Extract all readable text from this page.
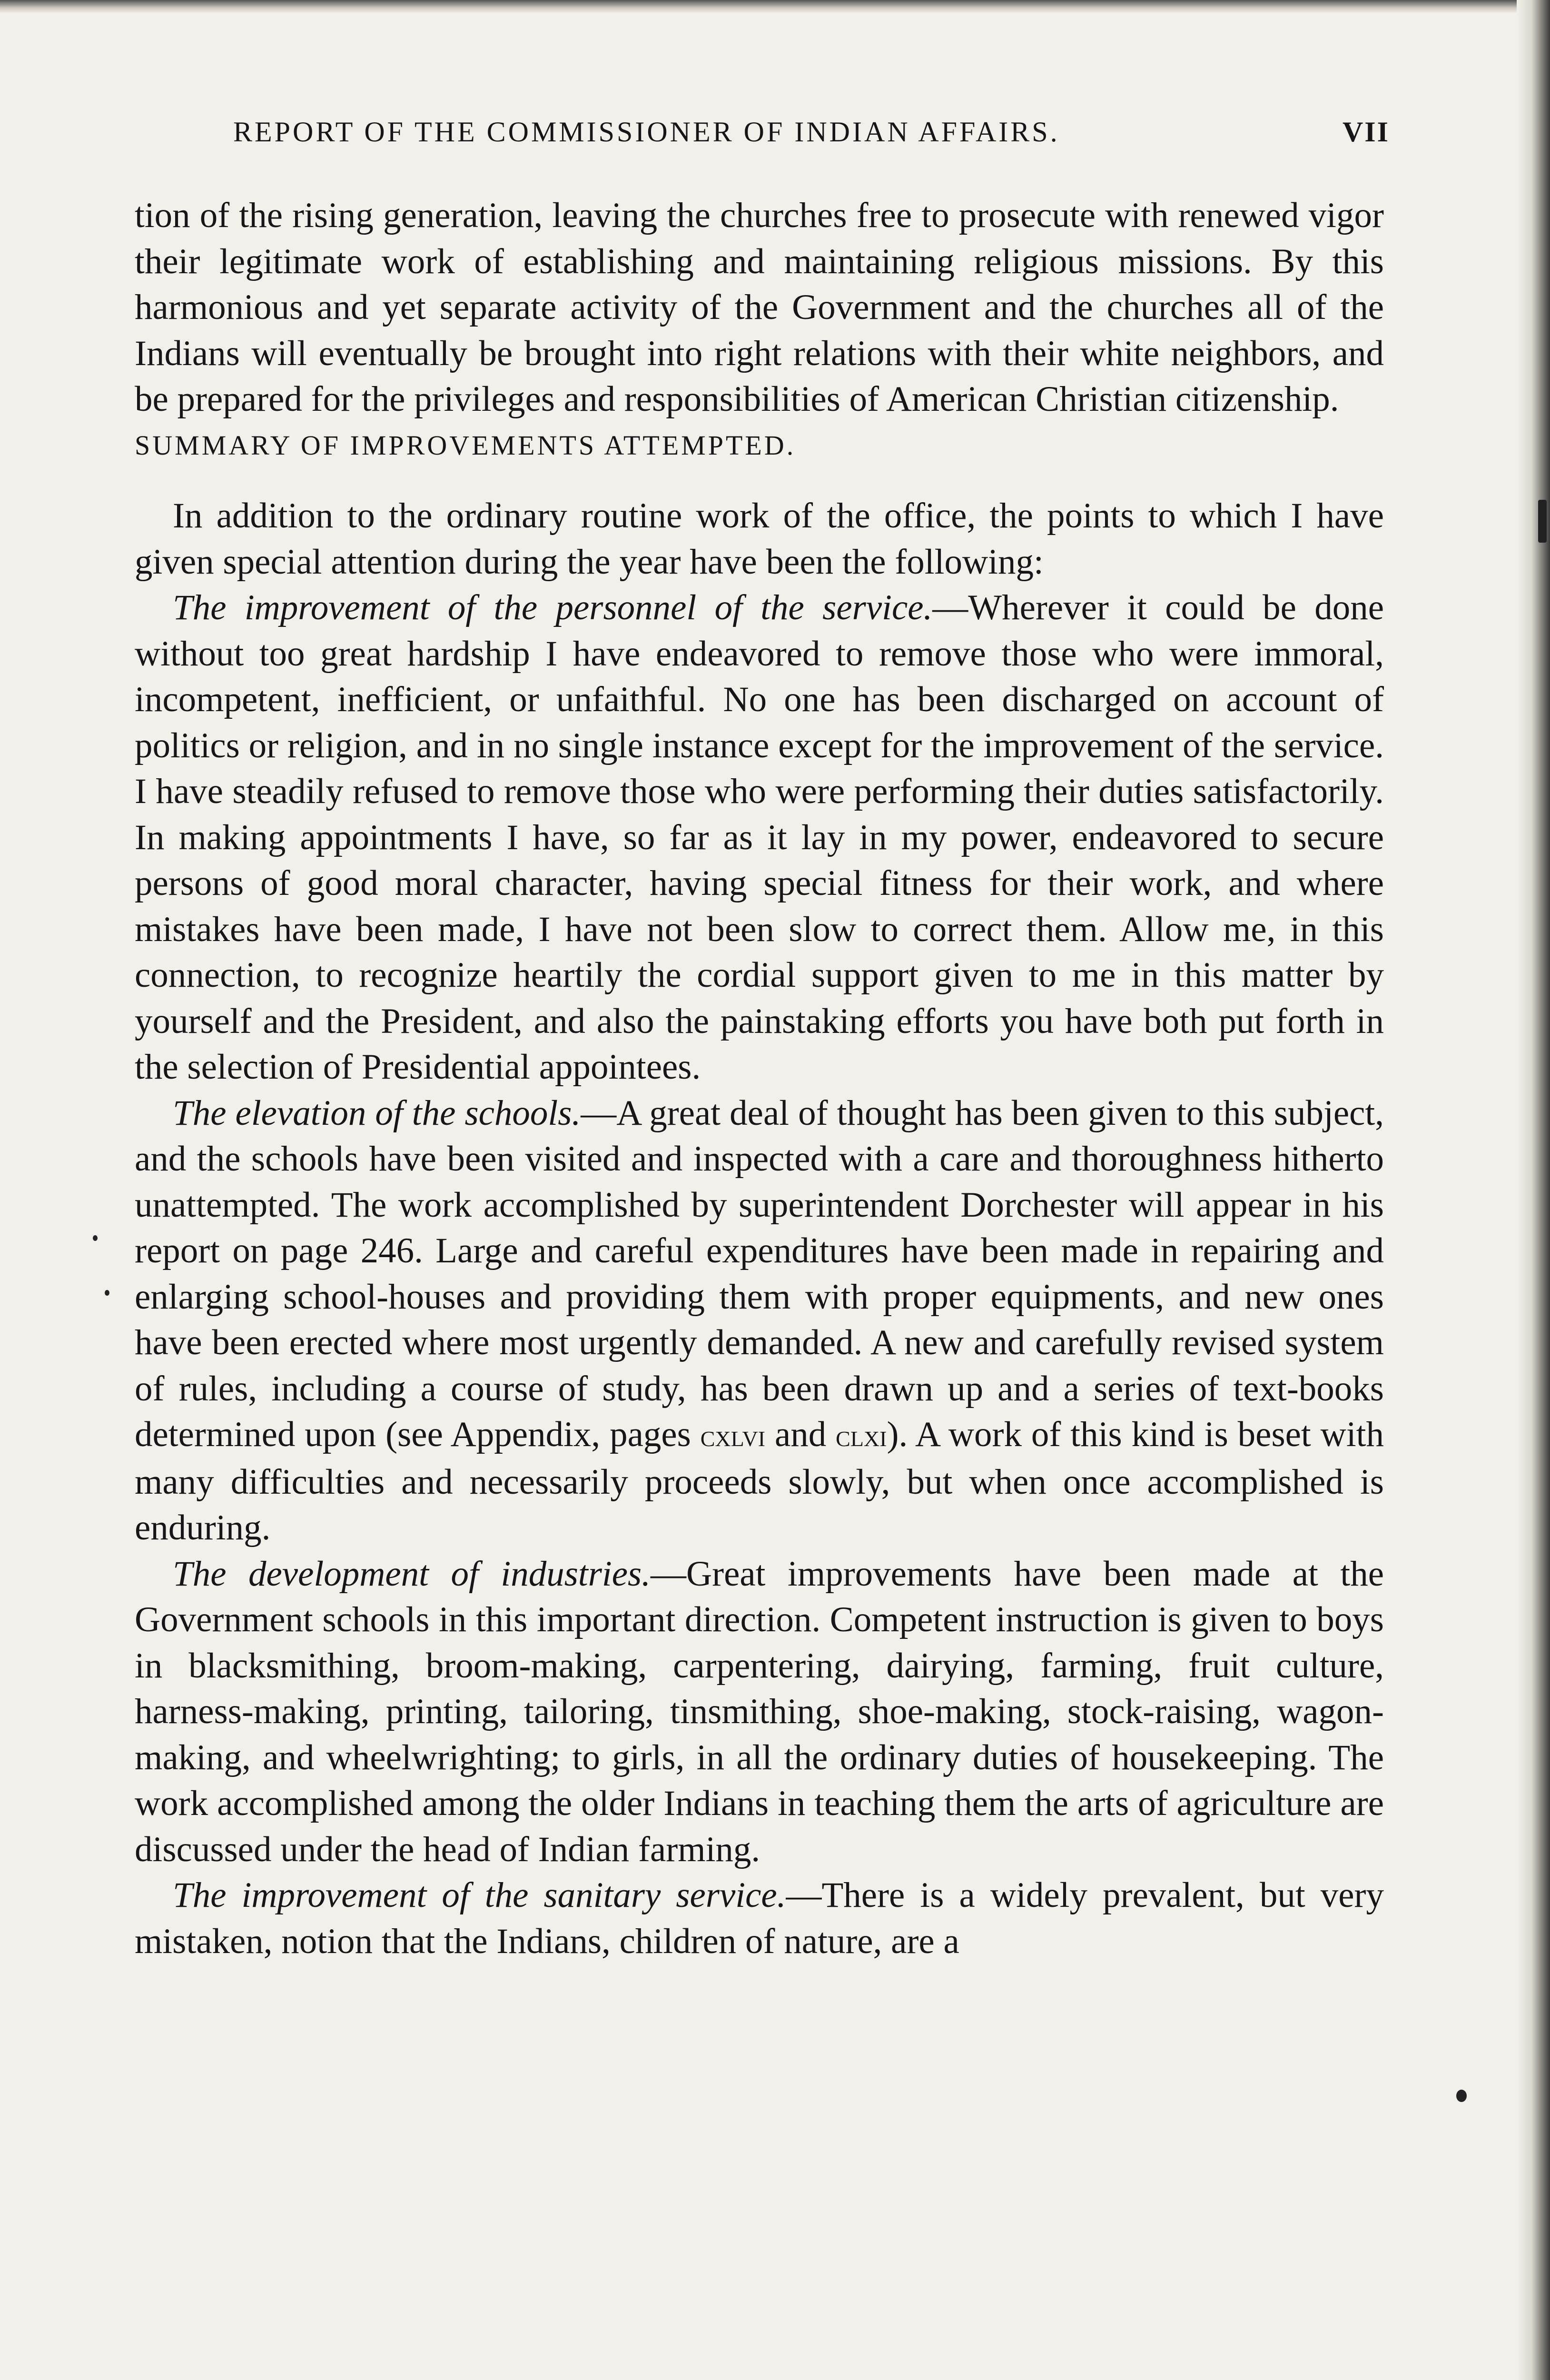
REPORT OF THE COMMISSIONER OF INDIAN AFFAIRS.	VII

tion of the rising generation, leaving the churches free to prosecute with renewed vigor their legitimate work of establishing and maintaining religious missions. By this harmonious and yet separate activity of the Government and the churches all of the Indians will eventually be brought into right relations with their white neighbors, and be prepared for the privileges and responsibilities of American Christian citizenship.

SUMMARY OF IMPROVEMENTS ATTEMPTED.

In addition to the ordinary routine work of the office, the points to which I have given special attention during the year have been the following:

The improvement of the personnel of the service.—Wherever it could be done without too great hardship I have endeavored to remove those who were immoral, incompetent, inefficient, or unfaithful. No one has been discharged on account of politics or religion, and in no single instance except for the improvement of the service. I have steadily refused to remove those who were performing their duties satisfactorily. In making appointments I have, so far as it lay in my power, endeavored to secure persons of good moral character, having special fitness for their work, and where mistakes have been made, I have not been slow to correct them. Allow me, in this connection, to recognize heartily the cordial support given to me in this matter by yourself and the President, and also the painstaking efforts you have both put forth in the selection of Presidential appointees.

The elevation of the schools.—A great deal of thought has been given to this subject, and the schools have been visited and inspected with a care and thoroughness hitherto unattempted. The work accomplished by superintendent Dorchester will appear in his report on page 246. Large and careful expenditures have been made in repairing and enlarging school-houses and providing them with proper equipments, and new ones have been erected where most urgently demanded. A new and carefully revised system of rules, including a course of study, has been drawn up and a series of text-books determined upon (see Appendix, pages cxlvi and clxi). A work of this kind is beset with many difficulties and necessarily proceeds slowly, but when once accomplished is enduring.

The development of industries.—Great improvements have been made at the Government schools in this important direction. Competent instruction is given to boys in blacksmithing, broom-making, carpentering, dairying, farming, fruit culture, harness-making, printing, tailoring, tinsmithing, shoe-making, stock-raising, wagon-making, and wheelwrighting; to girls, in all the ordinary duties of housekeeping. The work accomplished among the older Indians in teaching them the arts of agriculture are discussed under the head of Indian farming.

The improvement of the sanitary service.—There is a widely prevalent, but very mistaken, notion that the Indians, children of nature, are a
